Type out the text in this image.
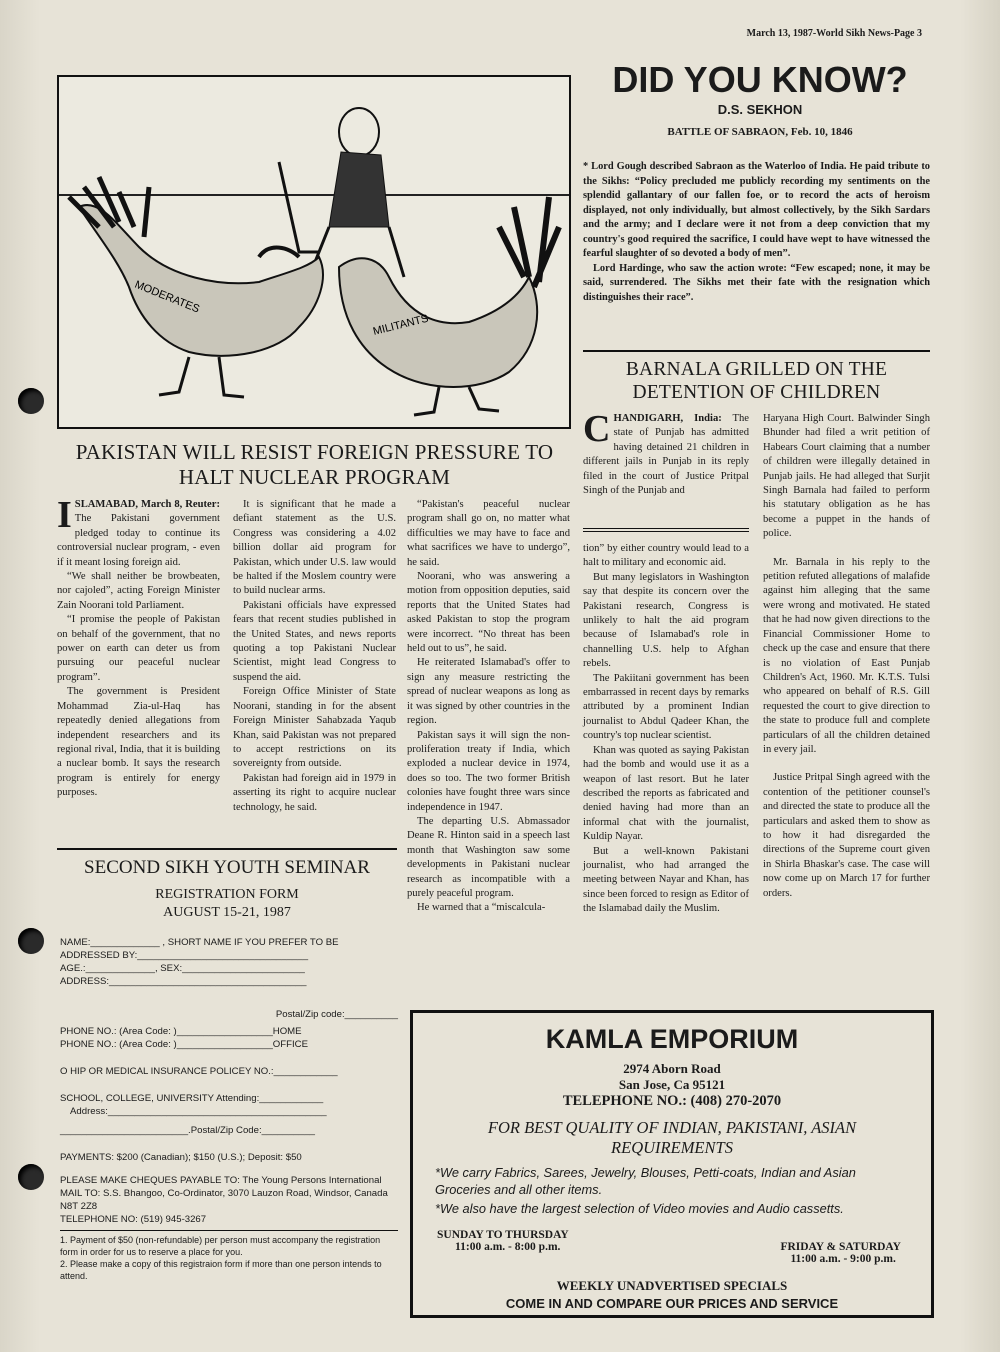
March 13, 1987-World Sikh News-Page 3
MODERATES
MILITANTS
DID YOU KNOW?
D.S. SEKHON
BATTLE OF SABRAON, Feb. 10, 1846

* Lord Gough described Sabraon as the Waterloo of India. He paid tribute to the Sikhs: “Policy precluded me publicly recording my sentiments on the splendid gallantary of our fallen foe, or to record the acts of heroism displayed, not only individually, but almost collectively, by the Sikh Sardars and the army; and I declare were it not from a deep conviction that my country's good required the sacrifice, I could have wept to have witnessed the fearful slaughter of so devoted a body of men”.

Lord Hardinge, who saw the action wrote: “Few escaped; none, it may be said, surrendered. The Sikhs met their fate with the resignation which distinguishes their race”.

BARNALA GRILLED ON THE DETENTION OF CHILDREN

CHANDIGARH, India: The state of Punjab has admitted having detained 21 children in different jails in Punjab in its reply filed in the court of Justice Pritpal Singh of the Punjab and

Haryana High Court. Balwinder Singh Bhunder had filed a writ petition of Habears Court claiming that a number of children were illegally detained in Punjab jails. He had alleged that Surjit Singh Barnala had failed to perform his statutary obligation as he has become a puppet in the hands of police.

Mr. Barnala in his reply to the petition refuted allegations of malafide against him alleging that the same were wrong and motivated. He stated that he had now given directions to the Financial Commissioner Home to check up the case and ensure that there is no violation of East Punjab Children's Act, 1960. Mr. K.T.S. Tulsi who appeared on behalf of R.S. Gill requested the court to give direction to the state to produce full and complete particulars of all the children detained in every jail.

Justice Pritpal Singh agreed with the contention of the petitioner counsel's and directed the state to produce all the particulars and asked them to show as to how it had disregarded the directions of the Supreme court given in Shirla Bhaskar's case. The case will now come up on March 17 for further orders.

PAKISTAN WILL RESIST FOREIGN PRESSURE TO HALT NUCLEAR PROGRAM

ISLAMABAD, March 8, Reuter: The Pakistani government pledged today to continue its controversial nuclear program, - even if it meant losing foreign aid.

“We shall neither be browbeaten, nor cajoled”, acting Foreign Minister Zain Noorani told Parliament.

“I promise the people of Pakistan on behalf of the government, that no power on earth can deter us from pursuing our peaceful nuclear program”.

The government is President Mohammad Zia-ul-Haq has repeatedly denied allegations from independent researchers and its regional rival, India, that it is building a nuclear bomb. It says the research program is entirely for energy purposes.

It is significant that he made a defiant statement as the U.S. Congress was considering a 4.02 billion dollar aid program for Pakistan, which under U.S. law would be halted if the Moslem country were to build nuclear arms.

Pakistani officials have expressed fears that recent studies published in the United States, and news reports quoting a top Pakistani Nuclear Scientist, might lead Congress to suspend the aid.

Foreign Office Minister of State Noorani, standing in for the absent Foreign Minister Sahabzada Yaqub Khan, said Pakistan was not prepared to accept restrictions on its sovereignty from outside.

Pakistan had foreign aid in 1979 in asserting its right to acquire nuclear technology, he said.

“Pakistan's peaceful nuclear program shall go on, no matter what difficulties we may have to face and what sacrifices we have to undergo”, he said.

Noorani, who was answering a motion from opposition deputies, said reports that the United States had asked Pakistan to stop the program were incorrect. “No threat has been held out to us”, he said.

He reiterated Islamabad's offer to sign any measure restricting the spread of nuclear weapons as long as it was signed by other countries in the region.

Pakistan says it will sign the non-proliferation treaty if India, which exploded a nuclear device in 1974, does so too. The two former British colonies have fought three wars since independence in 1947.

The departing U.S. Abmassador Deane R. Hinton said in a speech last month that Washington saw some developments in Pakistani nuclear research as incompatible with a purely peaceful program.

He warned that a “miscalcula-

tion” by either country would lead to a halt to military and economic aid.

But many legislators in Washington say that despite its concern over the Pakistani research, Congress is unlikely to halt the aid program because of Islamabad's role in channelling U.S. help to Afghan rebels.

The Pakiitani government has been embarrassed in recent days by remarks attributed by a prominent Indian journalist to Abdul Qadeer Khan, the country's top nuclear scientist.

Khan was quoted as saying Pakistan had the bomb and would use it as a weapon of last resort. But he later described the reports as fabricated and denied having had more than an informal chat with the journalist, Kuldip Nayar.

But a well-known Pakistani journalist, who had arranged the meeting between Nayar and Khan, has since been forced to resign as Editor of the Islamabad daily the Muslim.

SECOND SIKH YOUTH SEMINAR
REGISTRATION FORM
AUGUST 15-21, 1987
NAME:_____________ , SHORT NAME IF YOU PREFER TO BE
ADDRESSED BY:________________________________
AGE.:_____________, SEX:_______________________
ADDRESS:_____________________________________
Postal/Zip code:__________
PHONE NO.: (Area Code: )__________________HOME
PHONE NO.: (Area Code: )__________________OFFICE
O HIP OR MEDICAL INSURANCE POLICEY NO.:____________
SCHOOL, COLLEGE, UNIVERSITY Attending:____________
Address:_________________________________________
________________________.Postal/Zip Code:__________
PAYMENTS: $200 (Canadian); $150 (U.S.); Deposit: $50
PLEASE MAKE CHEQUES PAYABLE TO: The Young Persons International
MAIL TO: S.S. Bhangoo, Co-Ordinator, 3070 Lauzon Road, Windsor, Canada N8T 2Z8
TELEPHONE NO: (519) 945-3267
1. Payment of $50 (non-refundable) per person must accompany the registration form in order for us to reserve a place for you.
2. Please make a copy of this registraion form if more than one person intends to attend.
KAMLA EMPORIUM
2974 Aborn Road
San Jose, Ca 95121
TELEPHONE NO.: (408) 270-2070
FOR BEST QUALITY OF INDIAN, PAKISTANI, ASIAN REQUIREMENTS
*We carry Fabrics, Sarees, Jewelry, Blouses, Petti-coats, Indian and Asian Groceries and all other items.
*We also have the largest selection of Video movies and Audio cassetts.
SUNDAY TO THURSDAY
11:00 a.m. - 8:00 p.m.	FRIDAY & SATURDAY
11:00 a.m. - 9:00 p.m.
WEEKLY UNADVERTISED SPECIALS
COME IN AND COMPARE OUR PRICES AND SERVICE
